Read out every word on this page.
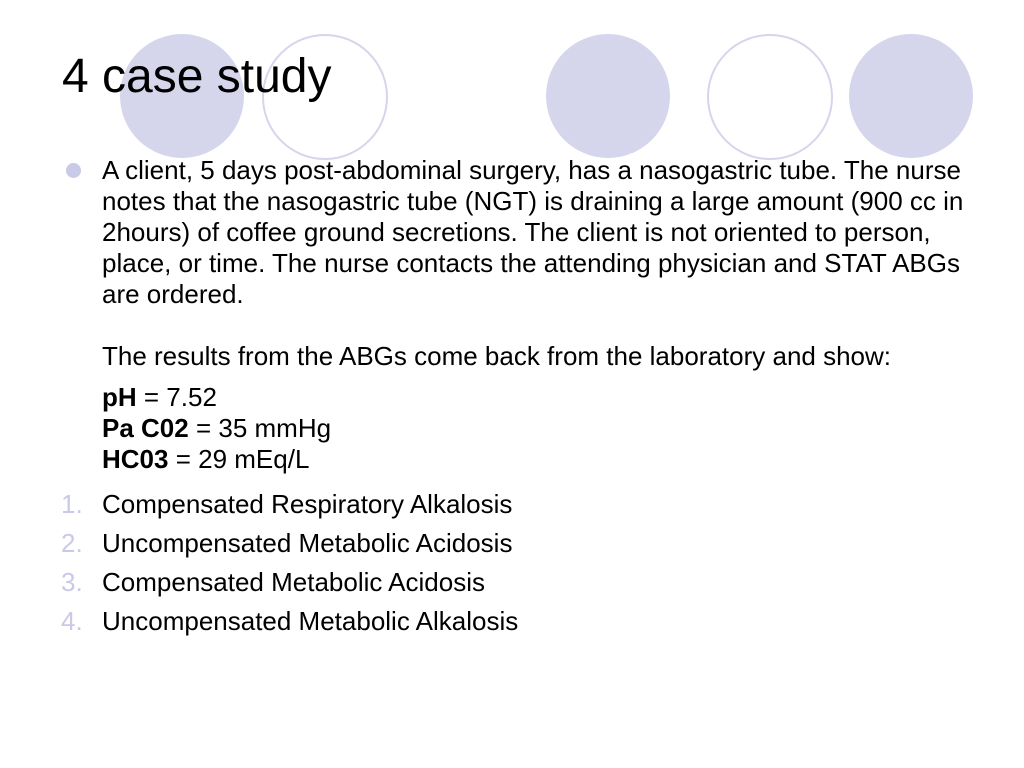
4 case study

A client, 5 days post-abdominal surgery, has a nasogastric tube. The nurse notes that the nasogastric tube (NGT) is draining a large amount (900 cc in 2hours) of coffee ground secretions. The client is not oriented to person, place, or time. The nurse contacts the attending physician and STAT ABGs are ordered.

The results from the ABGs come back from the laboratory and show:

pH = 7.52
Pa C02 = 35 mmHg
HC03 = 29 mEq/L
1. Compensated Respiratory Alkalosis
2. Uncompensated Metabolic Acidosis
3. Compensated Metabolic Acidosis
4. Uncompensated Metabolic Alkalosis
